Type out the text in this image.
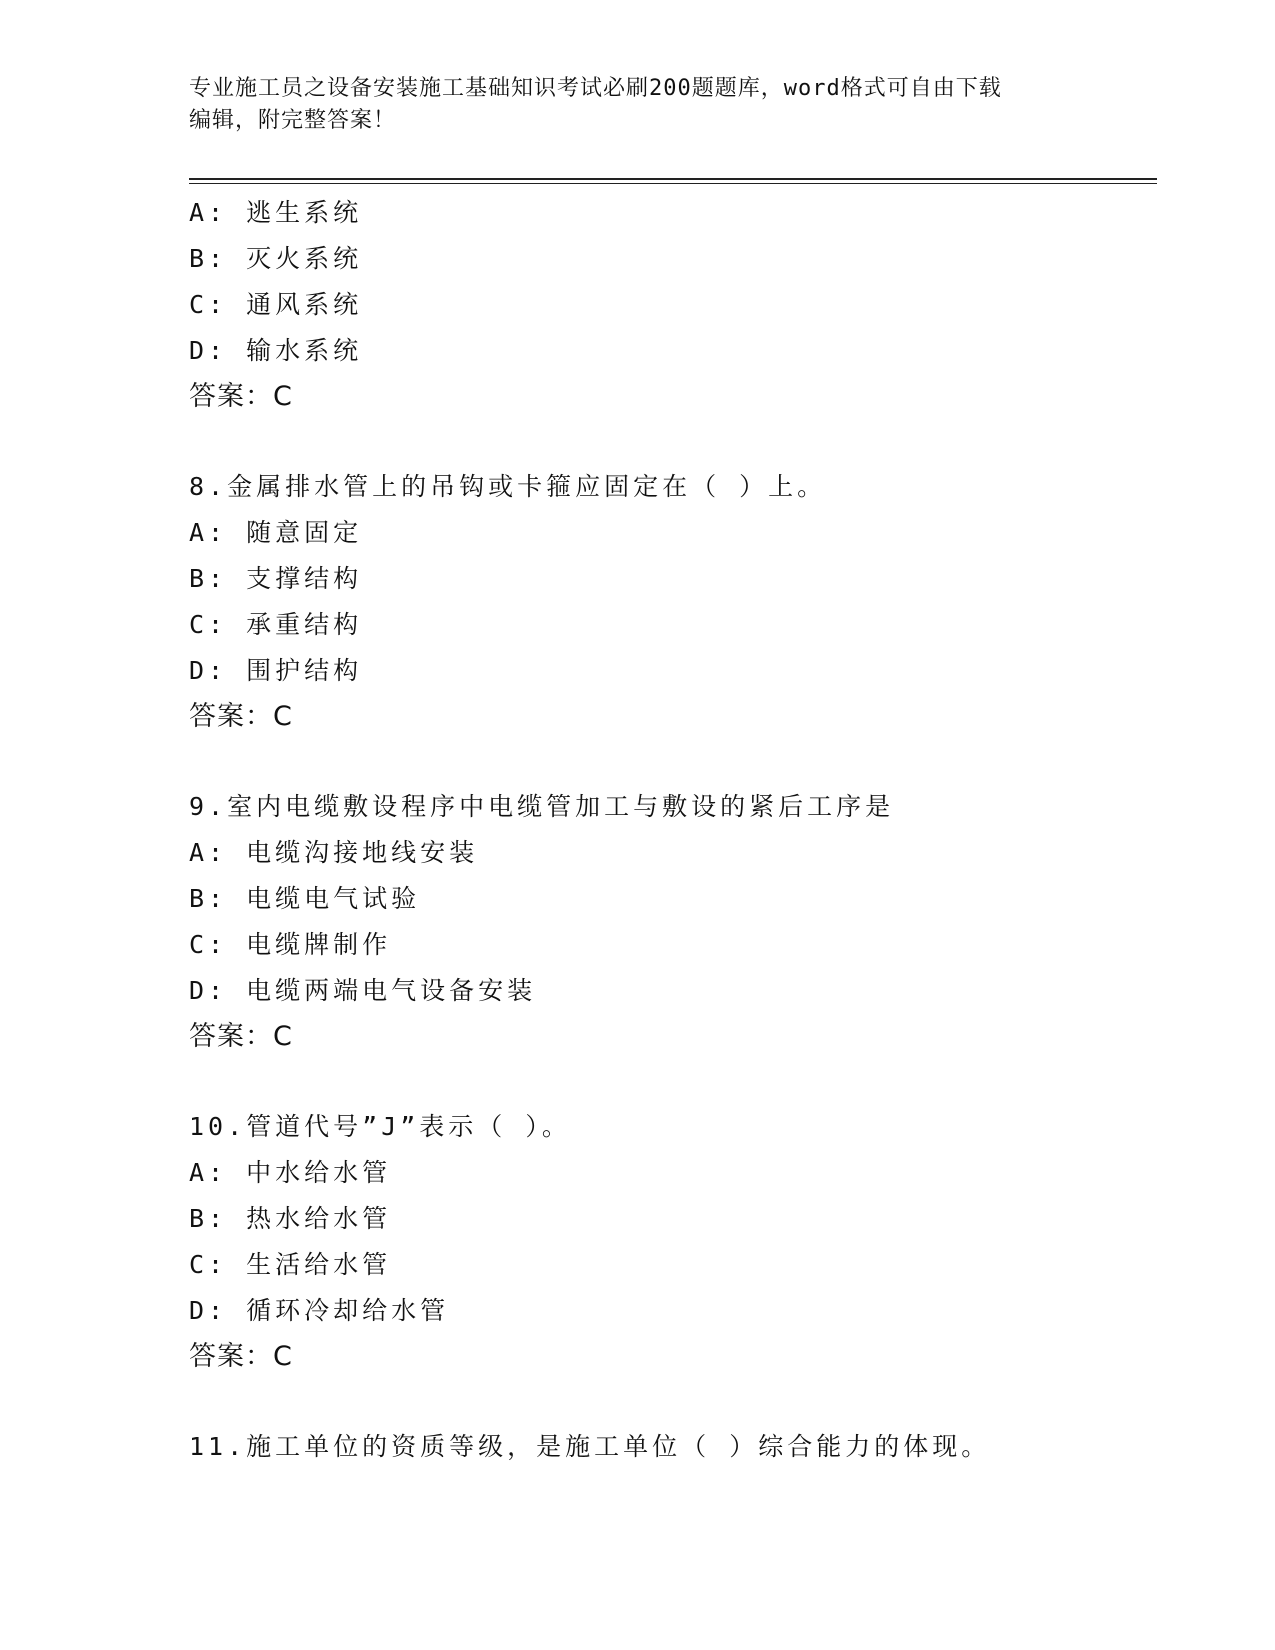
专业施工员之设备安装施工基础知识考试必刷200题题库，word格式可自由下载
编辑，附完整答案！
A: 逃生系统
B: 灭火系统
C: 通风系统
D: 输水系统
答案：C
8.金属排水管上的吊钩或卡箍应固定在（ ）上。
A: 随意固定
B: 支撑结构
C: 承重结构
D: 围护结构
答案：C
9.室内电缆敷设程序中电缆管加工与敷设的紧后工序是
A: 电缆沟接地线安装
B: 电缆电气试验
C: 电缆牌制作
D: 电缆两端电气设备安装
答案：C
10.管道代号”J”表示（ ）。
A: 中水给水管
B: 热水给水管
C: 生活给水管
D: 循环冷却给水管
答案：C
11.施工单位的资质等级，是施工单位（ ）综合能力的体现。
